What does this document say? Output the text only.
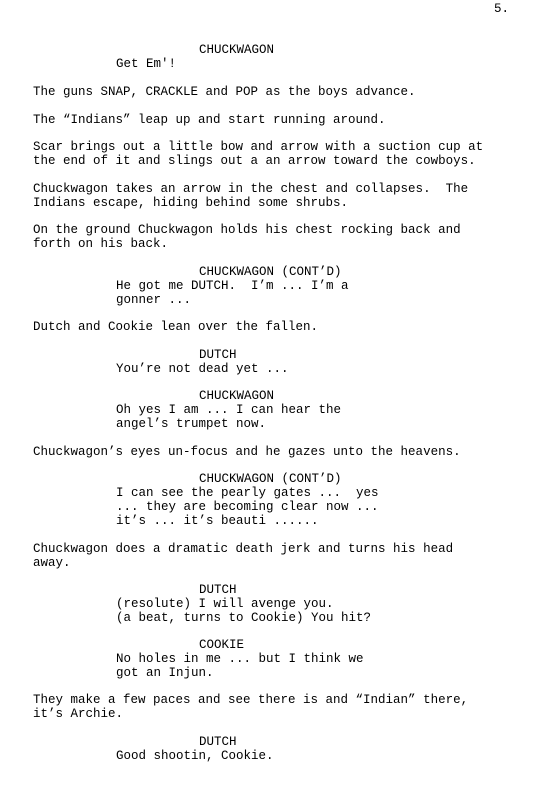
5.
CHUCKWAGON
Get Em'!
The guns SNAP, CRACKLE and POP as the boys advance.
The “Indians” leap up and start running around.
Scar brings out a little bow and arrow with a suction cup at
the end of it and slings out a an arrow toward the cowboys.
Chuckwagon takes an arrow in the chest and collapses.  The
Indians escape, hiding behind some shrubs.
On the ground Chuckwagon holds his chest rocking back and
forth on his back.
CHUCKWAGON (CONT’D)
He got me DUTCH.  I’m ... I’m a
gonner ...
Dutch and Cookie lean over the fallen.
DUTCH
You’re not dead yet ...
CHUCKWAGON
Oh yes I am ... I can hear the
angel’s trumpet now.
Chuckwagon’s eyes un-focus and he gazes unto the heavens.
CHUCKWAGON (CONT’D)
I can see the pearly gates ...  yes
... they are becoming clear now ...
it’s ... it’s beauti ......
Chuckwagon does a dramatic death jerk and turns his head
away.
DUTCH
(resolute) I will avenge you.
(a beat, turns to Cookie) You hit?
COOKIE
No holes in me ... but I think we
got an Injun.
They make a few paces and see there is and “Indian” there,
it’s Archie.
DUTCH
Good shootin, Cookie.
